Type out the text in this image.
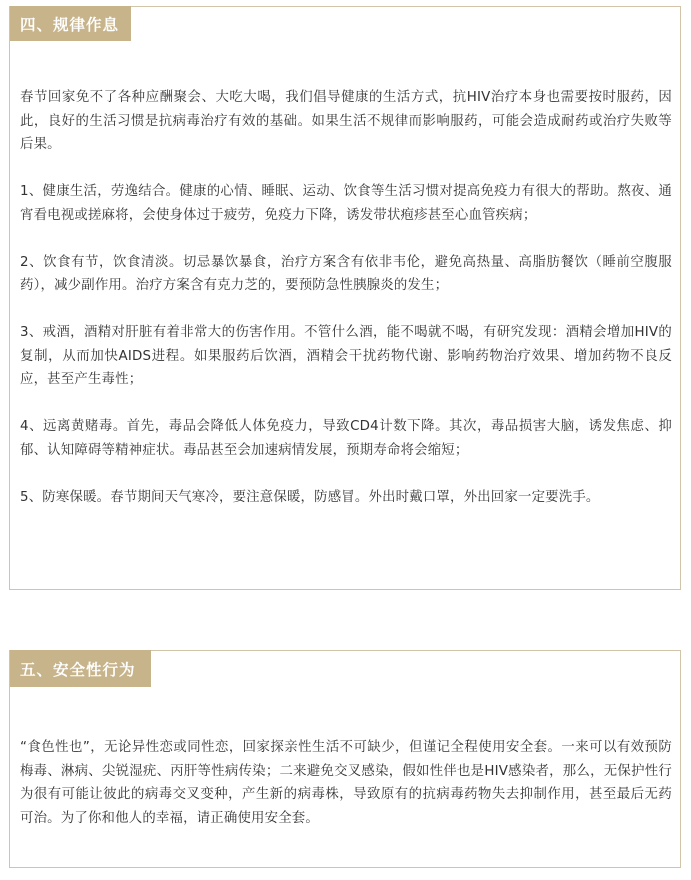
四、规律作息

春节回家免不了各种应酬聚会、大吃大喝，我们倡导健康的生活方式，抗HIV治疗本身也需要按时服药，因此，良好的生活习惯是抗病毒治疗有效的基础。如果生活不规律而影响服药，可能会造成耐药或治疗失败等后果。

1、健康生活，劳逸结合。健康的心情、睡眠、运动、饮食等生活习惯对提高免疫力有很大的帮助。熬夜、通宵看电视或搓麻将，会使身体过于疲劳，免疫力下降，诱发带状疱疹甚至心血管疾病；

2、饮食有节，饮食清淡。切忌暴饮暴食，治疗方案含有依非韦伦，避免高热量、高脂肪餐饮（睡前空腹服药），减少副作用。治疗方案含有克力芝的，要预防急性胰腺炎的发生；

3、戒酒，酒精对肝脏有着非常大的伤害作用。不管什么酒，能不喝就不喝，有研究发现：酒精会增加HIV的复制，从而加快AIDS进程。如果服药后饮酒，酒精会干扰药物代谢、影响药物治疗效果、增加药物不良反应，甚至产生毒性；

4、远离黄赌毒。首先，毒品会降低人体免疫力，导致CD4计数下降。其次，毒品损害大脑，诱发焦虑、抑郁、认知障碍等精神症状。毒品甚至会加速病情发展，预期寿命将会缩短；

5、防寒保暖。春节期间天气寒冷，要注意保暖，防感冒。外出时戴口罩，外出回家一定要洗手。

五、安全性行为

“食色性也”，无论异性恋或同性恋，回家探亲性生活不可缺少，但谨记全程使用安全套。一来可以有效预防梅毒、淋病、尖锐湿疣、丙肝等性病传染；二来避免交叉感染，假如性伴也是HIV感染者，那么，无保护性行为很有可能让彼此的病毒交叉变种，产生新的病毒株，导致原有的抗病毒药物失去抑制作用，甚至最后无药可治。为了你和他人的幸福，请正确使用安全套。
